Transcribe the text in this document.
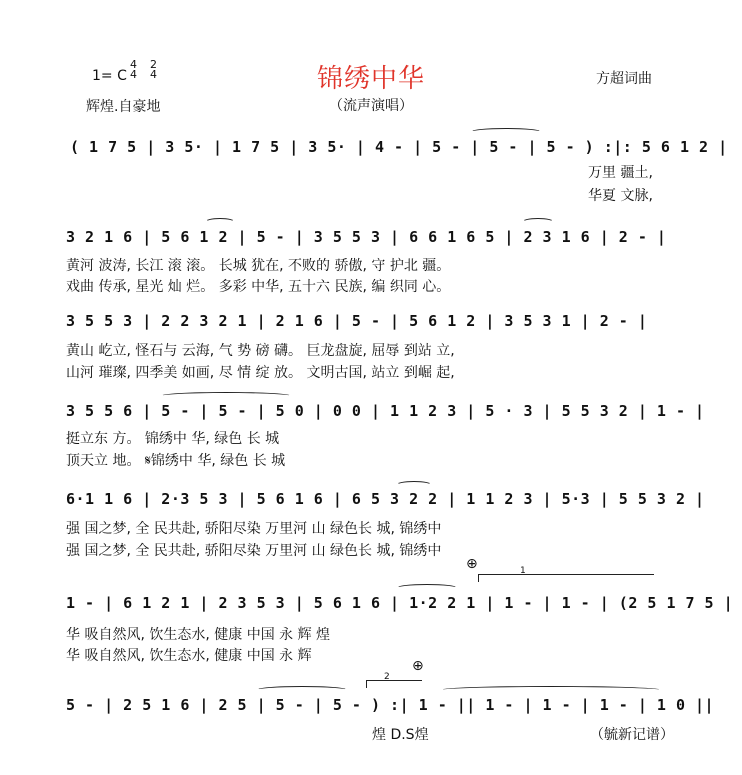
锦绣中华
（流声演唱）
1= C
4
4
2
4
辉煌.自豪地
方超词曲
( 1 7 5 | 3 5· | 1 7 5 | 3 5· | 4 - | 5 - | 5 - | 5 - ) :|: 5 6 1 2 |
万里 疆土,
华夏 文脉,
3 2 1 6 | 5 6 1 2 | 5 - | 3 5 5 3 | 6 6 1 6 5 | 2 3 1 6 | 2 - |
黄河 波涛, 长江 滚 滚。 长城 犹在, 不败的 骄傲, 守 护北 疆。
戏曲 传承, 星光 灿 烂。 多彩 中华, 五十六 民族, 编 织同 心。
3 5 5 3 | 2 2 3 2 1 | 2 1 6 | 5 - | 5 6 1 2 | 3 5 3 1 | 2 - |
黄山 屹立, 怪石与 云海, 气 势 磅 礴。 巨龙盘旋, 屈辱 到站 立,
山河 璀璨, 四季美 如画, 尽 情 绽 放。 文明古国, 站立 到崛 起,
3 5 5 6 | 5 - | 5 - | 5 0 | 0 0 | 1 1 2 3 | 5 · 3 | 5 5 3 2 | 1 - |
挺立东 方。 锦绣中 华, 绿色 长 城
顶天立 地。 𝄋锦绣中 华, 绿色 长 城
6·1 1 6 | 2·3 5 3 | 5 6 1 6 | 6 5 3 2 2 | 1 1 2 3 | 5·3 | 5 5 3 2 |
强 国之梦, 全 民共赴, 骄阳尽染 万里河 山 绿色长 城, 锦绣中
强 国之梦, 全 民共赴, 骄阳尽染 万里河 山 绿色长 城, 锦绣中
⊕	1
1 - | 6 1 2 1 | 2 3 5 3 | 5 6 1 6 | 1·2 2 1 | 1 - | 1 - | (2 5 1 7 5 |
华 吸自然风, 饮生态水, 健康 中国 永 辉 煌
华 吸自然风, 饮生态水, 健康 中国 永 辉
⊕
2
5 - | 2 5 1 6 | 2 5 | 5 - | 5 - ) :| 1 - || 1 - | 1 - | 1 - | 1 0 ||
煌 D.S煌	（毓新记谱）
